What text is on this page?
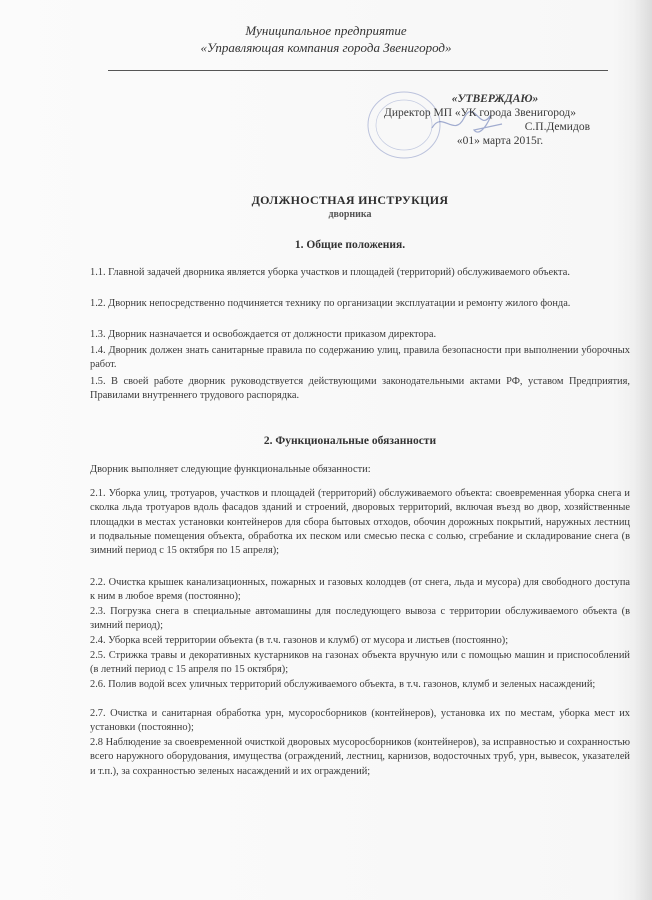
Муниципальное предприятие
«Управляющая компания города Звенигород»
«УТВЕРЖДАЮ»
Директор МП «УК города Звенигород»
С.П.Демидов
«01» марта 2015г.
ДОЛЖНОСТНАЯ ИНСТРУКЦИЯ
дворника
1. Общие положения.
1.1. Главной задачей дворника является уборка участков и площадей (территорий) обслуживаемого объекта.
1.2. Дворник непосредственно подчиняется технику по организации эксплуатации и ремонту жилого фонда.
1.3. Дворник назначается и освобождается от должности приказом директора.
1.4. Дворник должен знать санитарные правила по содержанию улиц, правила безопасности при выполнении уборочных работ.
1.5. В своей работе дворник руководствуется действующими законодательными актами РФ, уставом Предприятия, Правилами внутреннего трудового распорядка.
2. Функциональные обязанности
Дворник выполняет следующие функциональные обязанности:
2.1. Уборка улиц, тротуаров, участков и площадей (территорий) обслуживаемого объекта: своевременная уборка снега и сколка льда тротуаров вдоль фасадов зданий и строений, дворовых территорий, включая въезд во двор, хозяйственные площадки в местах установки контейнеров для сбора бытовых отходов, обочин дорожных покрытий, наружных лестниц и подвальные помещения объекта, обработка их песком или смесью песка с солью, сгребание и складирование снега (в зимний период с 15 октября по 15 апреля);
2.2. Очистка крышек канализационных, пожарных и газовых колодцев (от снега, льда и мусора) для свободного доступа к ним в любое время (постоянно);
2.3. Погрузка снега в специальные автомашины для последующего вывоза с территории обслуживаемого объекта (в зимний период);
2.4. Уборка всей территории объекта (в т.ч. газонов и клумб) от мусора и листьев (постоянно);
2.5. Стрижка травы и декоративных кустарников на газонах объекта вручную или с помощью машин и приспособлений (в летний период с 15 апреля по 15 октября);
2.6. Полив водой всех уличных территорий обслуживаемого объекта, в т.ч. газонов, клумб и зеленых насаждений;
2.7. Очистка и санитарная обработка урн, мусоросборников (контейнеров), установка их по местам, уборка мест их установки (постоянно);
2.8 Наблюдение за своевременной очисткой дворовых мусоросборников (контейнеров), за исправностью и сохранностью всего наружного оборудования, имущества (ограждений, лестниц, карнизов, водосточных труб, урн, вывесок, указателей и т.п.), за сохранностью зеленых насаждений и их ограждений;
